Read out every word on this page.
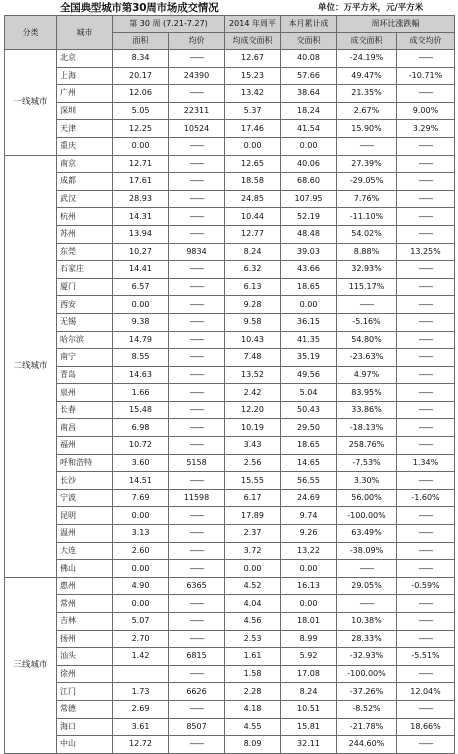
全国典型城市第30周市场成交情况	单位：万平方米，元/平方米
分类	城市	第 30 周 (7.21-7.27)		2014 年周平	本月累计成	周环比涨跌幅	
		面积	均价	均成交面积	交面积	成交面积	成交均价
一线城市	北京	8.34	——	12.67	40.08	-24.19%	——
	上海	20.17	24390	15.23	57.66	49.47%	-10.71%
	广州	12.06	——	13.42	38.64	21.35%	——
	深圳	5.05	22311	5.37	18.24	2.67%	9.00%
	天津	12.25	10524	17.46	41.54	15.90%	3.29%
	重庆	0.00	——	0.00	0.00	——	——
二线城市	南京	12.71	——	12.65	40.06	27.39%	——
	成都	17.61	——	18.58	68.60	-29.05%	——
	武汉	28.93	——	24.85	107.95	7.76%	——
	杭州	14.31	——	10.44	52.19	-11.10%	——
	苏州	13.94	——	12.77	48.48	54.02%	——
	东莞	10.27	9834	8.24	39.03	8.88%	13.25%
	石家庄	14.41	——	6.32	43.66	32.93%	——
	厦门	6.57	——	6.13	18.65	115.17%	——
	西安	0.00	——	9.28	0.00	——	——
	无锡	9.38	——	9.58	36.15	-5.16%	——
	哈尔滨	14.79	——	10.43	41.35	54.80%	——
	南宁	8.55	——	7.48	35.19	-23.63%	——
	青岛	14.63	——	13.52	49.56	4.97%	——
	泉州	1.66	——	2.42	5.04	83.95%	——
	长春	15.48	——	12.20	50.43	33.86%	——
	南昌	6.98	——	10.19	29.50	-18.13%	——
	福州	10.72	——	3.43	18.65	258.76%	——
	呼和浩特	3.60	5158	2.56	14.65	-7.53%	1.34%
	长沙	14.51	——	15.55	56.55	3.30%	——
	宁波	7.69	11598	6.17	24.69	56.00%	-1.60%
	昆明	0.00	——	17.89	9.74	-100.00%	——
	温州	3.13	——	2.37	9.26	63.49%	——
	大连	2.60	——	3.72	13.22	-38.09%	——
	佛山	0.00	——	0.00	0.00	——	——
三线城市	惠州	4.90	6365	4.52	16.13	29.05%	-0.59%
	常州	0.00	——	4.04	0.00	——	——
	吉林	5.07	——	4.56	18.01	10.38%	——
	扬州	2.70	——	2.53	8.99	28.33%	——
	汕头	1.42	6815	1.61	5.92	-32.93%	-5.51%
	徐州		——	1.58	17.08	-100.00%	——
	江门	1.73	6626	2.28	8.24	-37.26%	12.04%
	常德	2.69	——	4.18	10.51	-8.52%	——
	海口	3.61	8507	4.55	15.81	-21.78%	18.66%
	中山	12.72	——	8.09	32.11	244.60%	——
